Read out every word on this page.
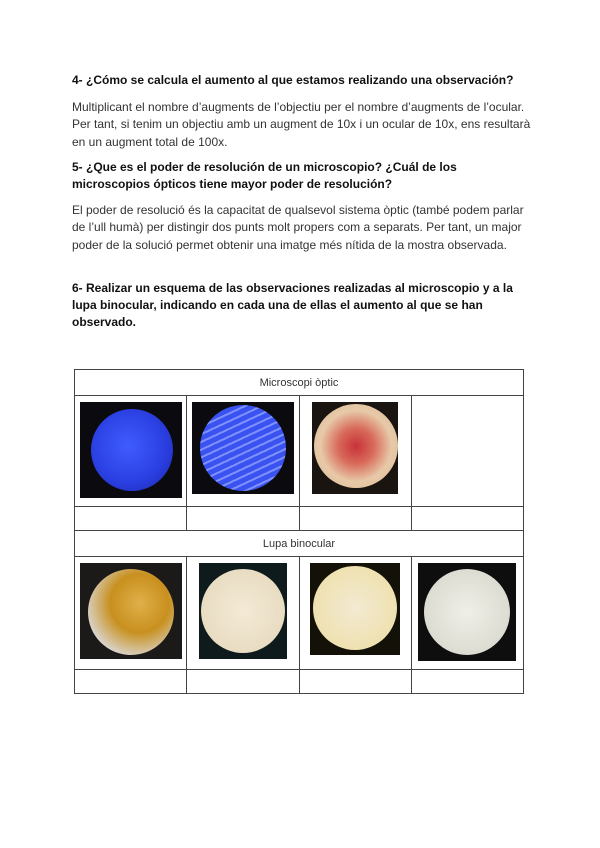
4- ¿Cómo se calcula el aumento al que estamos realizando una observación?
Multiplicant el nombre d’augments de l’objectiu per el nombre d’augments de l’ocular. Per tant, si tenim un objectiu amb un augment de 10x i un ocular de 10x, ens resultarà en un augment total de 100x.
5- ¿Que es el poder de resolución de un microscopio? ¿Cuál de los microscopios ópticos tiene mayor poder de resolución?
El poder de resolució és la capacitat de qualsevol sistema òptic (també podem parlar de l’ull humà) per distingir dos punts molt propers com a separats. Per tant, un major poder de la solució permet obtenir una imatge més nítida de la mostra observada.
6- Realizar un esquema de las observaciones realizadas al microscopio y a la lupa binocular, indicando en cada una de ellas el aumento al que se han observado.
Microscopi òptic			

Lupa binocular			
